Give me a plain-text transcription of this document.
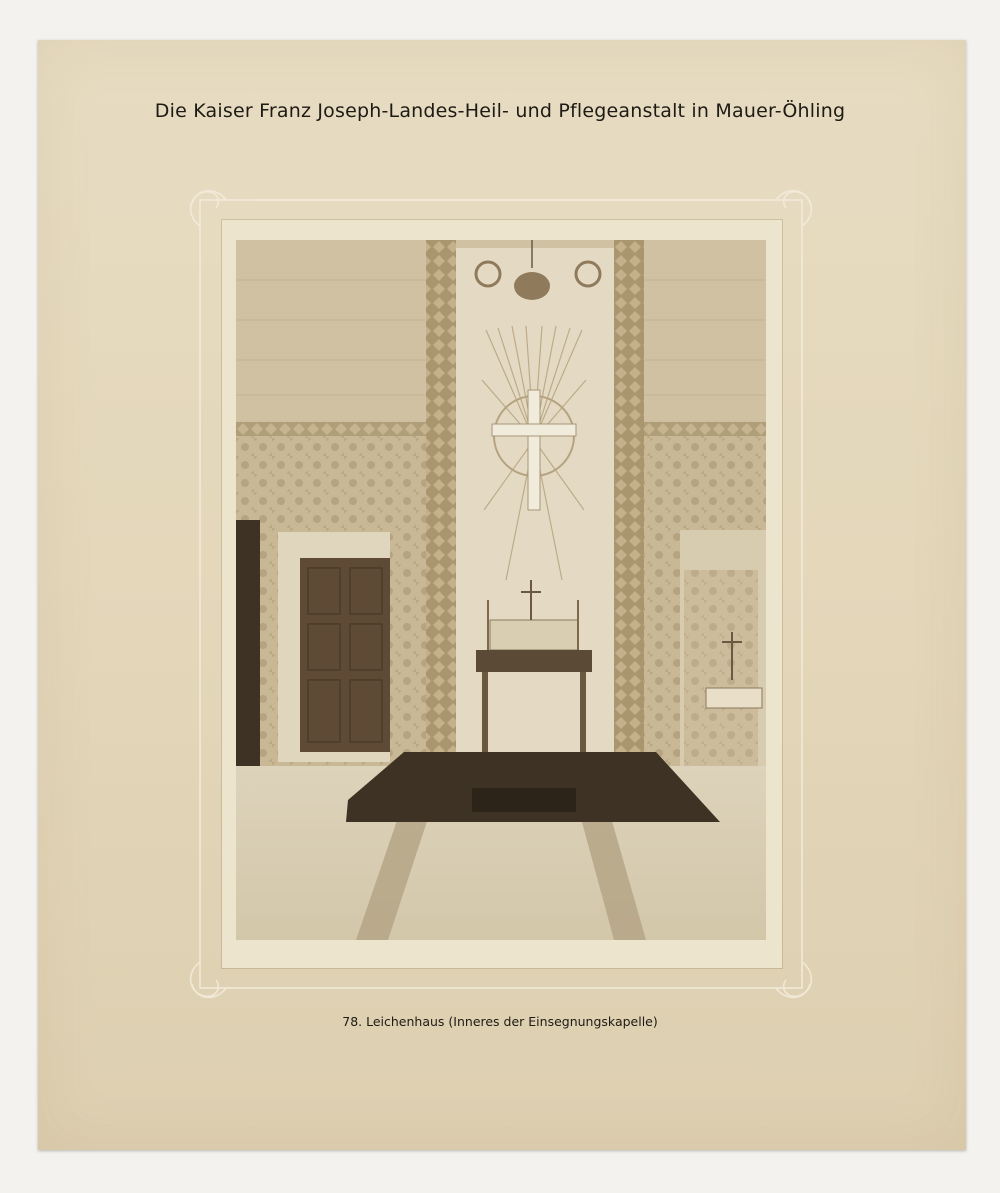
Die Kaiser Franz Joseph-Landes-Heil- und Pflegeanstalt in Mauer-Öhling
78. Leichenhaus (Inneres der Einsegnungskapelle)
